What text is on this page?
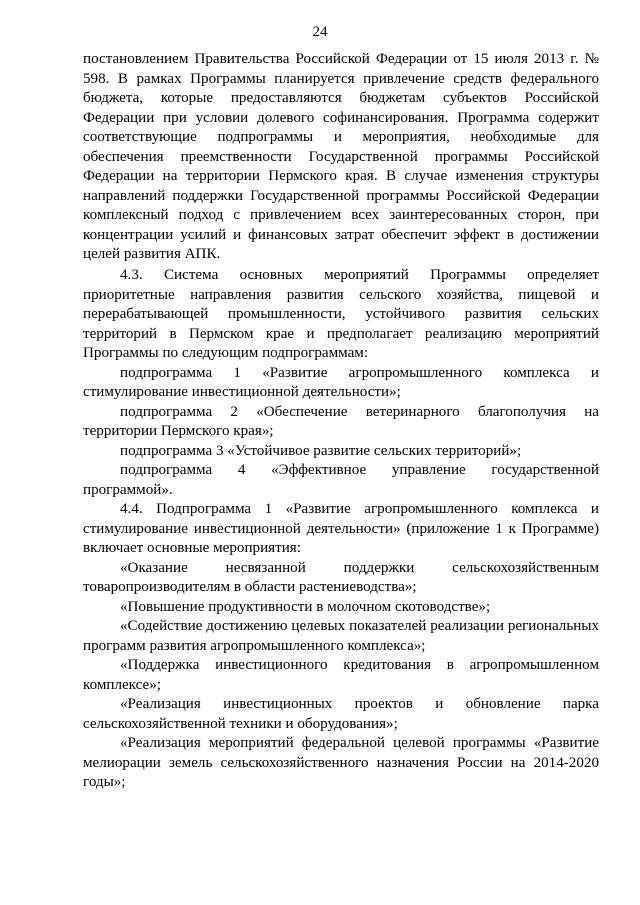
24

постановлением Правительства Российской Федерации от 15 июля 2013 г. № 598. В рамках Программы планируется привлечение средств федерального бюджета, которые предоставляются бюджетам субъектов Российской Федерации при условии долевого софинансирования. Программа содержит соответствующие подпрограммы и мероприятия, необходимые для обеспечения преемственности Государственной программы Российской Федерации на территории Пермского края. В случае изменения структуры направлений поддержки Государственной программы Российской Федерации комплексный подход с привлечением всех заинтересованных сторон, при концентрации усилий и финансовых затрат обеспечит эффект в достижении целей развития АПК.

4.3. Система основных мероприятий Программы определяет приоритетные направления развития сельского хозяйства, пищевой и перерабатывающей промышленности, устойчивого развития сельских территорий в Пермском крае и предполагает реализацию мероприятий Программы по следующим подпрограммам:

подпрограмма 1 «Развитие агропромышленного комплекса и стимулирование инвестиционной деятельности»;

подпрограмма 2 «Обеспечение ветеринарного благополучия на территории Пермского края»;

подпрограмма 3 «Устойчивое развитие сельских территорий»;

подпрограмма 4 «Эффективное управление государственной программой».

4.4. Подпрограмма 1 «Развитие агропромышленного комплекса и стимулирование инвестиционной деятельности» (приложение 1 к Программе) включает основные мероприятия:

«Оказание несвязанной поддержки сельскохозяйственным товаропроизводителям в области растениеводства»;

«Повышение продуктивности в молочном скотоводстве»;

«Содействие достижению целевых показателей реализации региональных программ развития агропромышленного комплекса»;

«Поддержка инвестиционного кредитования в агропромышленном комплексе»;

«Реализация инвестиционных проектов и обновление парка сельскохозяйственной техники и оборудования»;

«Реализация мероприятий федеральной целевой программы «Развитие мелиорации земель сельскохозяйственного назначения России на 2014-2020 годы»;
